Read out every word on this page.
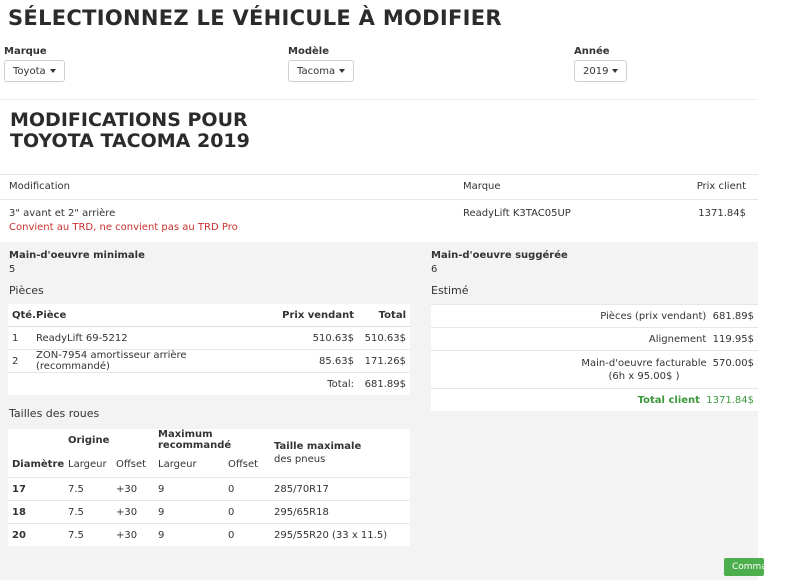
SÉLECTIONNEZ LE VÉHICULE À MODIFIER
Marque
Toyota
Modèle
Tacoma
Année
2019
MODIFICATIONS POUR
TOYOTA TACOMA 2019
Modification	Marque	Prix client
3" avant et 2" arrière
Convient au TRD, ne convient pas au TRD Pro
ReadyLift K3TAC05UP	1371.84$
Main-d'oeuvre minimale
5
Main-d'oeuvre suggérée
6
Pièces	Estimé
Qté.	Pièce	Prix vendant	Total
1	ReadyLift 69-5212	510.63$	510.63$
2	ZON-7954 amortisseur arrière (recommandé)	85.63$	171.26$
		Total:	681.89$
Pièces (prix vendant) 681.89$
Alignement 119.95$

Main-d'oeuvre facturable
(6h x 95.00$ )
570.00$

Total client 1371.84$
Tailles des roues
	Origine		Maximum recommandé		Taille maximale
des pneus

Diamètre	Largeur	Offset	Largeur	Offset	
17	7.5	+30	9	0	285/70R17
18	7.5	+30	9	0	295/65R18
20	7.5	+30	9	0	295/55R20 (33 x 11.5)
Commander
